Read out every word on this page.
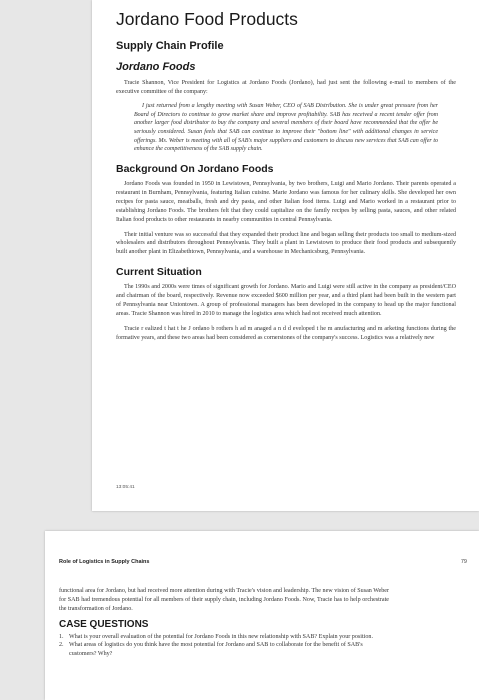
Jordano Food Products
Supply Chain Profile
Jordano Foods

Tracie Shannon, Vice President for Logistics at Jordano Foods (Jordano), had just sent the following e-mail to members of the executive committee of the company:

I just returned from a lengthy meeting with Susan Weber, CEO of SAB Distribution. She is under great pressure from her Board of Directors to continue to grow market share and improve profitability. SAB has received a recent tender offer from another larger food distributor to buy the company and several members of their board have recommended that the offer be seriously considered. Susan feels that SAB can continue to improve their "bottom line" with additional changes in service offerings. Ms. Weber is meeting with all of SAB's major suppliers and customers to discuss new services that SAB can offer to enhance the competitiveness of the SAB supply chain.

Background On Jordano Foods

Jordano Foods was founded in 1950 in Lewistown, Pennsylvania, by two brothers, Luigi and Mario Jordano. Their parents operated a restaurant in Burnham, Pennsylvania, featuring Italian cuisine. Marie Jordano was famous for her culinary skills. She developed her own recipes for pasta sauce, meatballs, fresh and dry pasta, and other Italian food items. Luigi and Mario worked in a restaurant prior to establishing Jordano Foods. The brothers felt that they could capitalize on the family recipes by selling pasta, sauces, and other related Italian food products to other restaurants in nearby communities in central Pennsylvania.

Their initial venture was so successful that they expanded their product line and began selling their products too small to medium-sized wholesalers and distributors throughout Pennsylvania. They built a plant in Lewistown to produce their food products and subsequently built another plant in Elizabethtown, Pennsylvania, and a warehouse in Mechanicsburg, Pennsylvania.

Current Situation

The 1990s and 2000s were times of significant growth for Jordano. Mario and Luigi were still active in the company as president/CEO and chairman of the board, respectively. Revenue now exceeded $600 million per year, and a third plant had been built in the western part of Pennsylvania near Uniontown. A group of professional managers has been developed in the company to head up the major functional areas. Tracie Shannon was hired in 2010 to manage the logistics area which had not received much attention.

Tracie r ealized t hat t he J ordano b rothers h ad m anaged a n d d eveloped t he m anufacturing and m arketing functions during the formative years, and these two areas had been considered as cornerstones of the company's success. Logistics was a relatively new

13:05:41
Role of Logistics in Supply Chains	79

functional area for Jordano, but had received more attention during with Tracie's vision and leadership. The new vision of Susan Weber for SAB had tremendous potential for all members of their supply chain, including Jordano Foods. Now, Tracie has to help orchestrate the transformation of Jordano.

CASE QUESTIONS
1. What is your overall evaluation of the potential for Jordano Foods in this new relationship with SAB? Explain your position.
2. What areas of logistics do you think have the most potential for Jordano and SAB to collaborate for the benefit of SAB's customers? Why?
